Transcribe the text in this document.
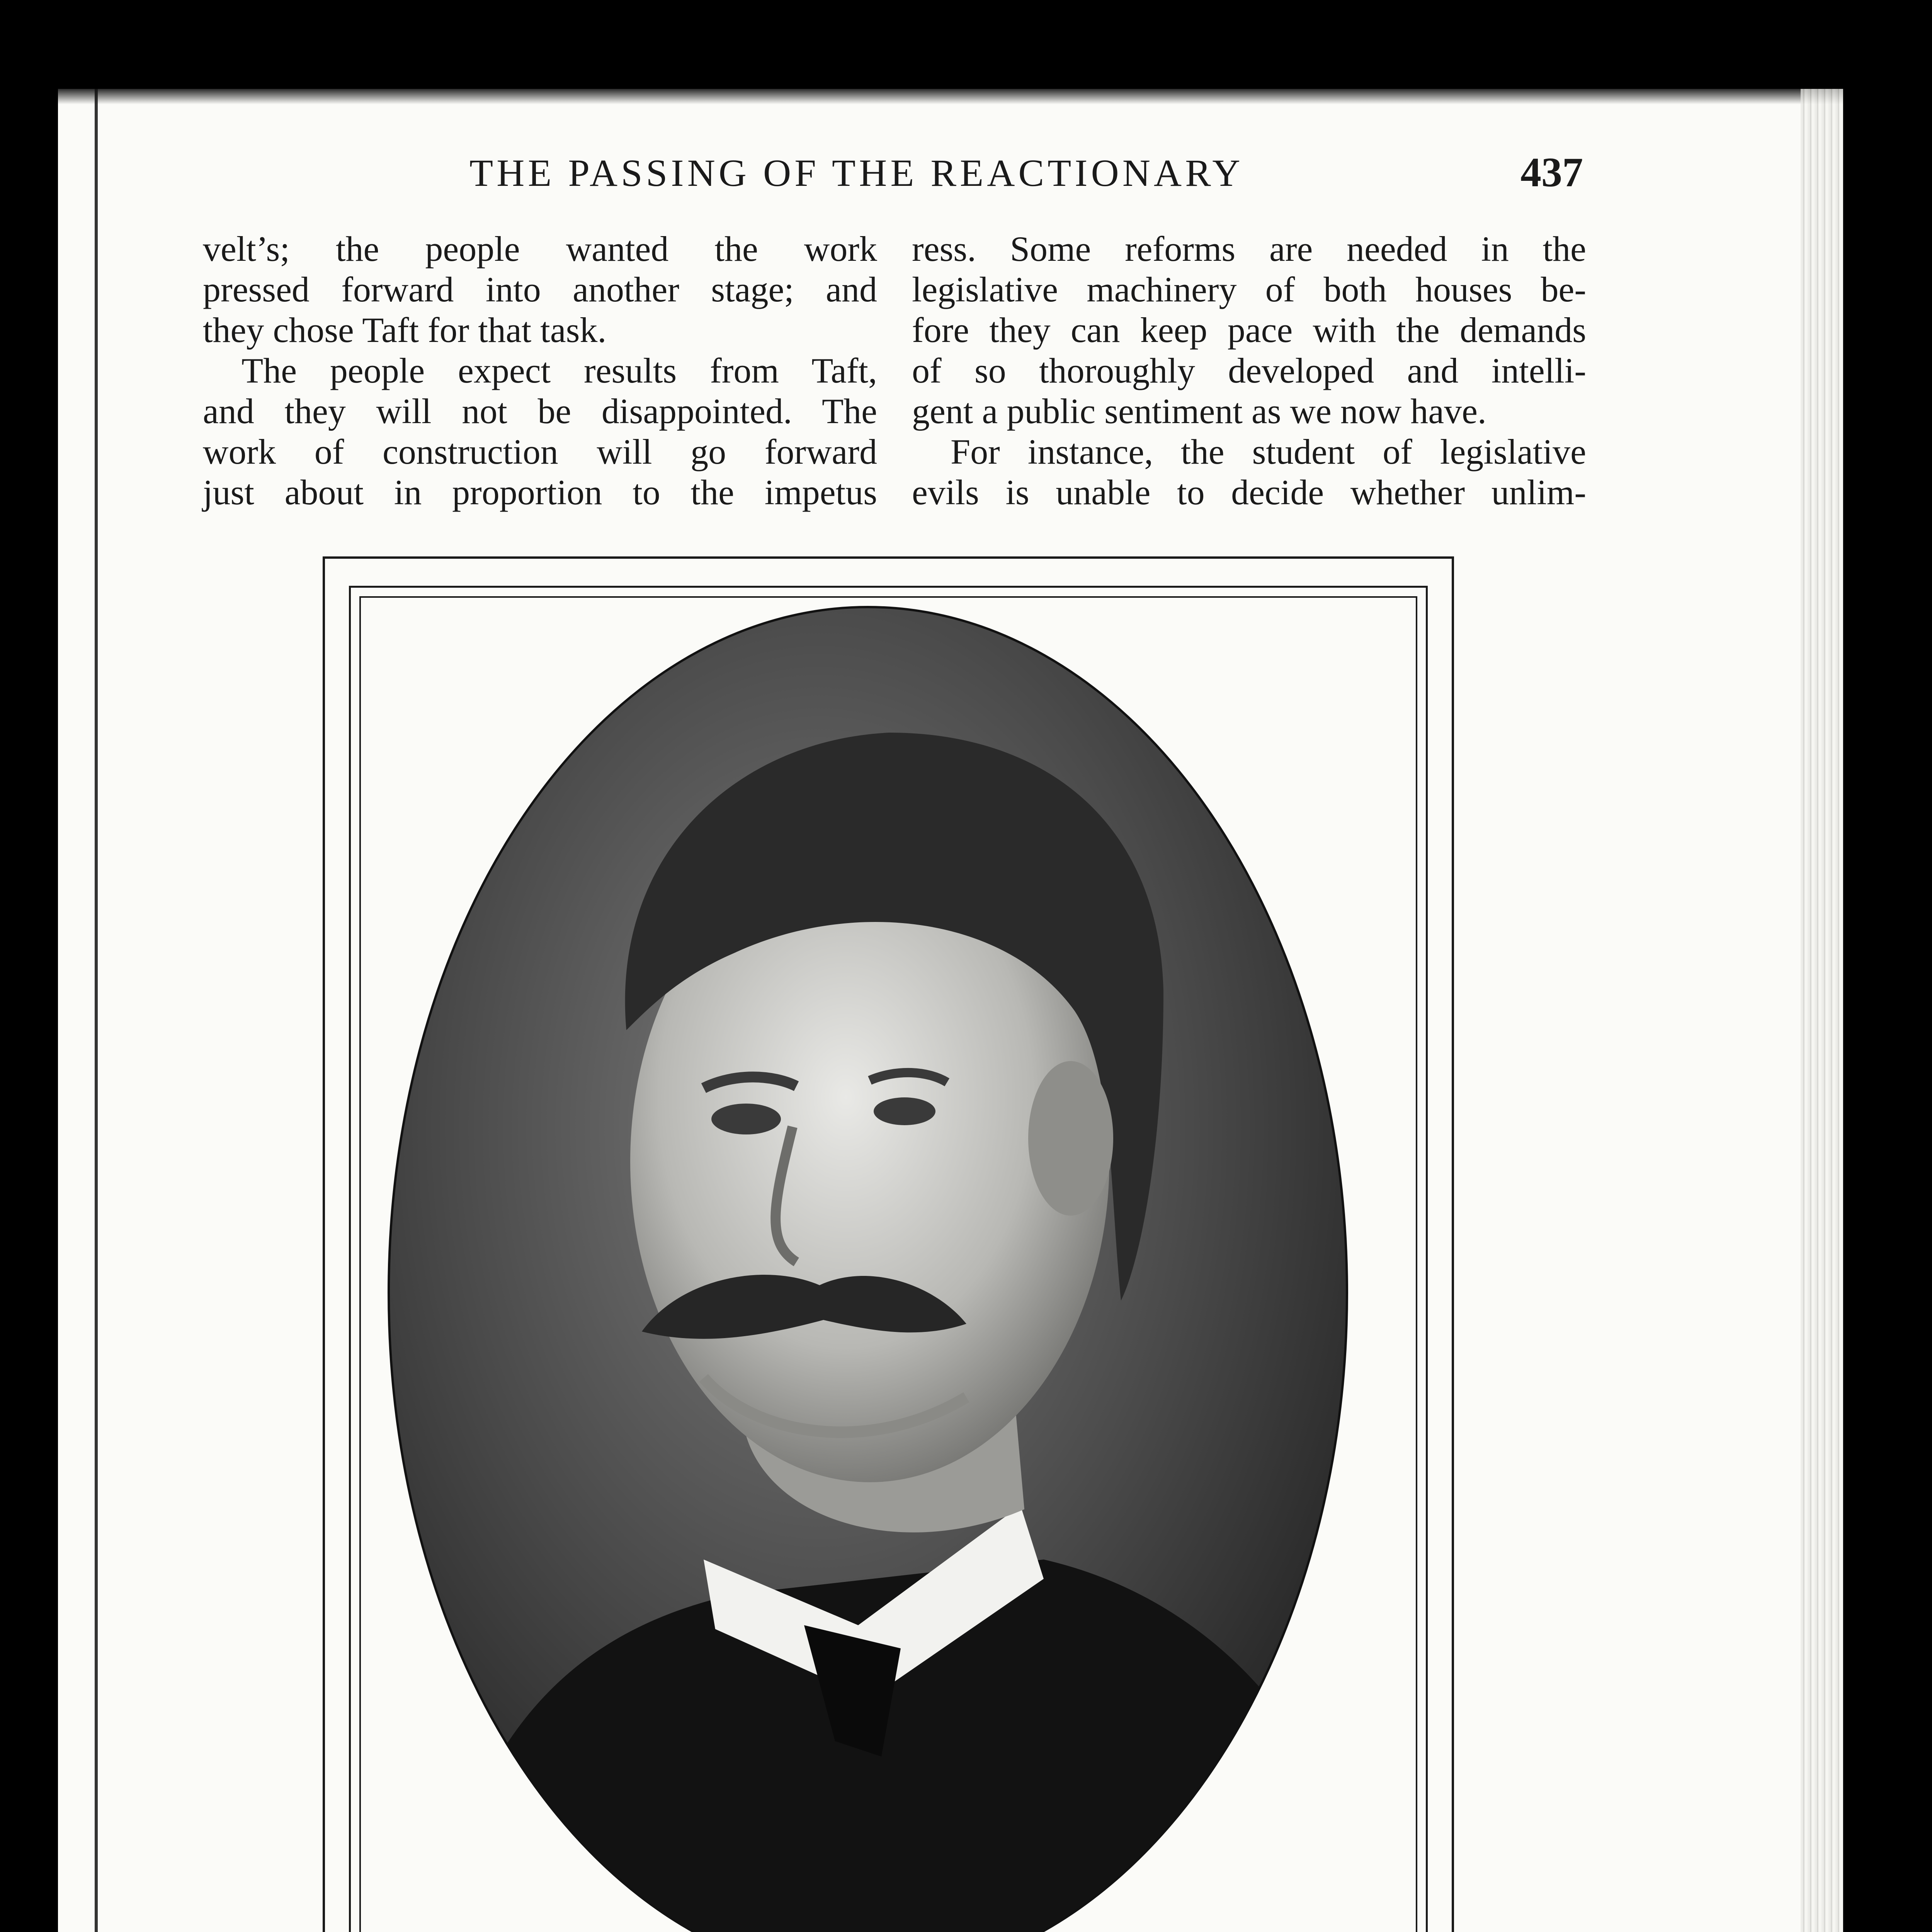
THE PASSING OF THE REACTIONARY	437

velt’s; the people wanted the work
pressed forward into another stage; and
they chose Taft for that task.

The people expect results from Taft,
and they will not be disappointed. The
work of construction will go forward
just about in proportion to the impetus

ress. Some reforms are needed in the
legislative machinery of both houses be-
fore they can keep pace with the demands
of so thoroughly developed and intelli-
gent a public sentiment as we now have.

For instance, the student of legislative
evils is unable to decide whether unlim-
